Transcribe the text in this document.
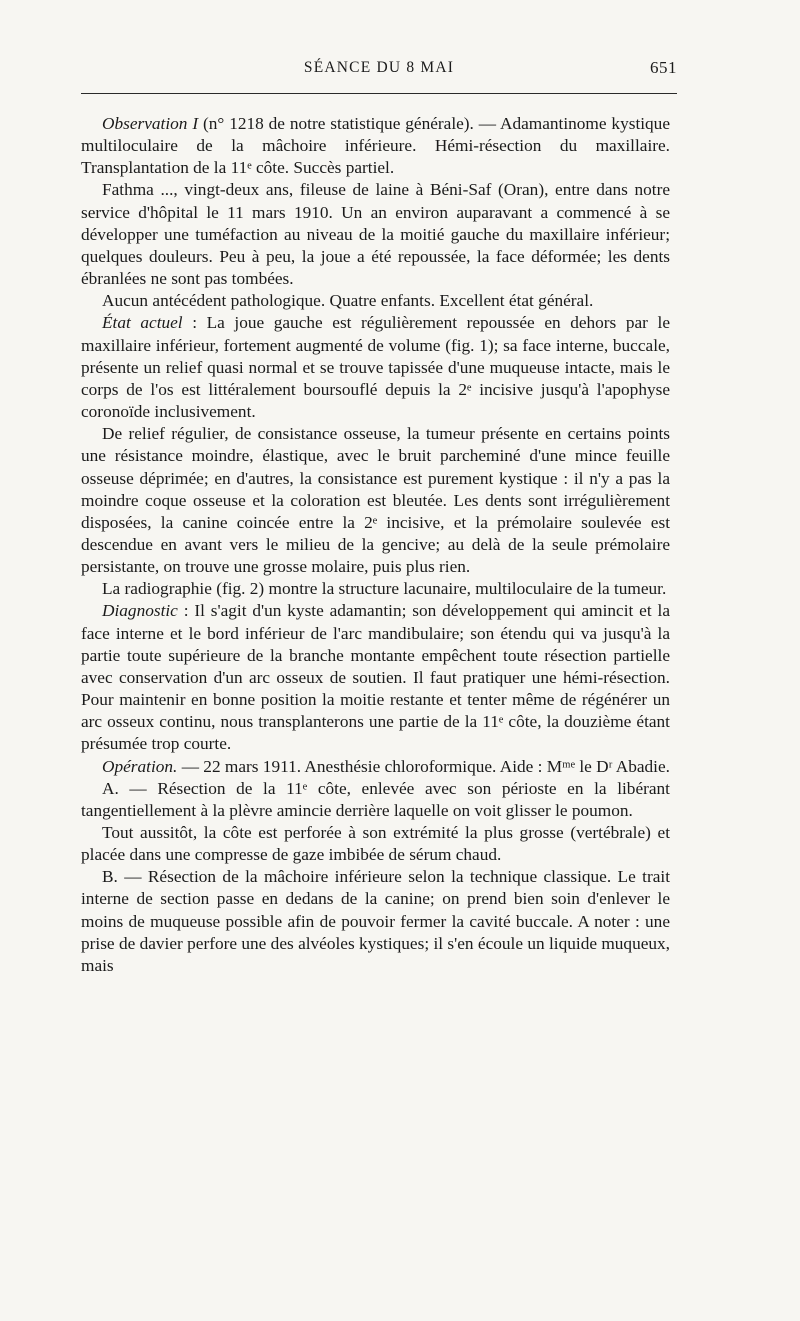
SÉANCE DU 8 MAI	651

Observation I (n° 1218 de notre statistique générale). — Adamantinome kystique multiloculaire de la mâchoire inférieure. Hémi-résection du maxillaire. Transplantation de la 11ᵉ côte. Succès partiel.

Fathma ..., vingt-deux ans, fileuse de laine à Béni-Saf (Oran), entre dans notre service d'hôpital le 11 mars 1910. Un an environ auparavant a commencé à se développer une tuméfaction au niveau de la moitié gauche du maxillaire inférieur; quelques douleurs. Peu à peu, la joue a été repoussée, la face déformée; les dents ébranlées ne sont pas tombées.

Aucun antécédent pathologique. Quatre enfants. Excellent état général.

État actuel : La joue gauche est régulièrement repoussée en dehors par le maxillaire inférieur, fortement augmenté de volume (fig. 1); sa face interne, buccale, présente un relief quasi normal et se trouve tapissée d'une muqueuse intacte, mais le corps de l'os est littéralement boursouflé depuis la 2ᵉ incisive jusqu'à l'apophyse coronoïde inclusivement.

De relief régulier, de consistance osseuse, la tumeur présente en certains points une résistance moindre, élastique, avec le bruit parcheminé d'une mince feuille osseuse déprimée; en d'autres, la consistance est purement kystique : il n'y a pas la moindre coque osseuse et la coloration est bleutée. Les dents sont irrégulièrement disposées, la canine coincée entre la 2ᵉ incisive, et la prémolaire soulevée est descendue en avant vers le milieu de la gencive; au delà de la seule prémolaire persistante, on trouve une grosse molaire, puis plus rien.

La radiographie (fig. 2) montre la structure lacunaire, multiloculaire de la tumeur.

Diagnostic : Il s'agit d'un kyste adamantin; son développement qui amincit et la face interne et le bord inférieur de l'arc mandibulaire; son étendu qui va jusqu'à la partie toute supérieure de la branche montante empêchent toute résection partielle avec conservation d'un arc osseux de soutien. Il faut pratiquer une hémi-résection. Pour maintenir en bonne position la moitie restante et tenter même de régénérer un arc osseux continu, nous transplanterons une partie de la 11ᵉ côte, la douzième étant présumée trop courte.

Opération. — 22 mars 1911. Anesthésie chloroformique. Aide : Mᵐᵉ le Dʳ Abadie.

A. — Résection de la 11ᵉ côte, enlevée avec son périoste en la libérant tangentiellement à la plèvre amincie derrière laquelle on voit glisser le poumon.

Tout aussitôt, la côte est perforée à son extrémité la plus grosse (vertébrale) et placée dans une compresse de gaze imbibée de sérum chaud.

B. — Résection de la mâchoire inférieure selon la technique classique. Le trait interne de section passe en dedans de la canine; on prend bien soin d'enlever le moins de muqueuse possible afin de pouvoir fermer la cavité buccale. A noter : une prise de davier perfore une des alvéoles kystiques; il s'en écoule un liquide muqueux, mais
